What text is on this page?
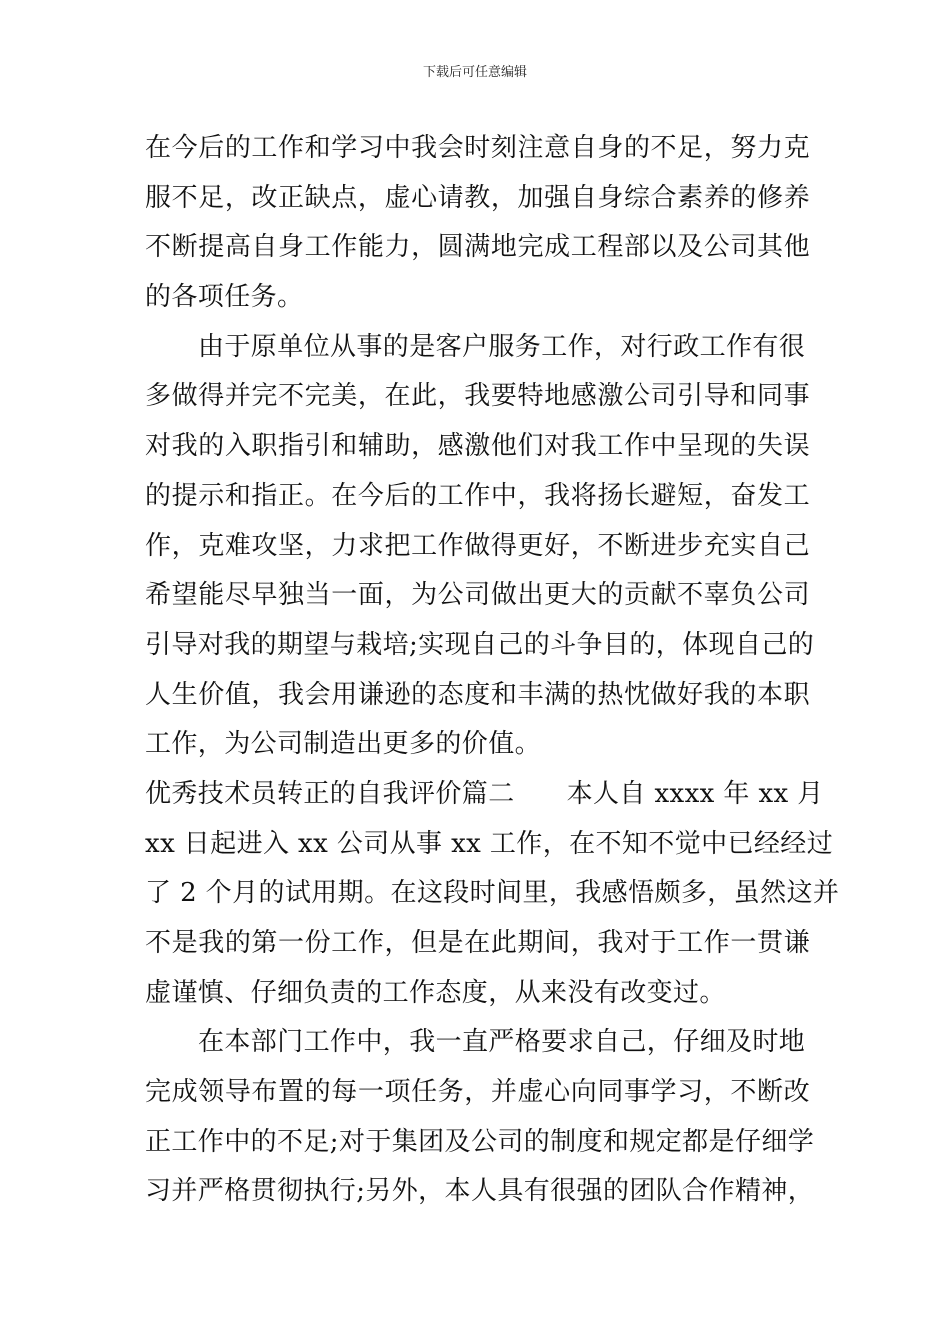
下载后可任意编辑
在今后的工作和学习中我会时刻注意自身的不足，努力克
服不足，改正缺点，虚心请教，加强自身综合素养的修养
不断提高自身工作能力，圆满地完成工程部以及公司其他
的各项任务。
由于原单位从事的是客户服务工作，对行政工作有很
多做得并完不完美，在此，我要特地感激公司引导和同事
对我的入职指引和辅助，感激他们对我工作中呈现的失误
的提示和指正。在今后的工作中，我将扬长避短，奋发工
作，克难攻坚，力求把工作做得更好，不断进步充实自己
希望能尽早独当一面，为公司做出更大的贡献不辜负公司
引导对我的期望与栽培;实现自己的斗争目的，体现自己的
人生价值，我会用谦逊的态度和丰满的热忱做好我的本职
工作，为公司制造出更多的价值。
优秀技术员转正的自我评价篇二 本人自 xxxx 年 xx 月
xx 日起进入 xx 公司从事 xx 工作，在不知不觉中已经经过
了 2 个月的试用期。在这段时间里，我感悟颇多，虽然这并
不是我的第一份工作，但是在此期间，我对于工作一贯谦
虚谨慎、仔细负责的工作态度，从来没有改变过。
在本部门工作中，我一直严格要求自己，仔细及时地
完成领导布置的每一项任务，并虚心向同事学习，不断改
正工作中的不足;对于集团及公司的制度和规定都是仔细学
习并严格贯彻执行;另外，本人具有很强的团队合作精神，
